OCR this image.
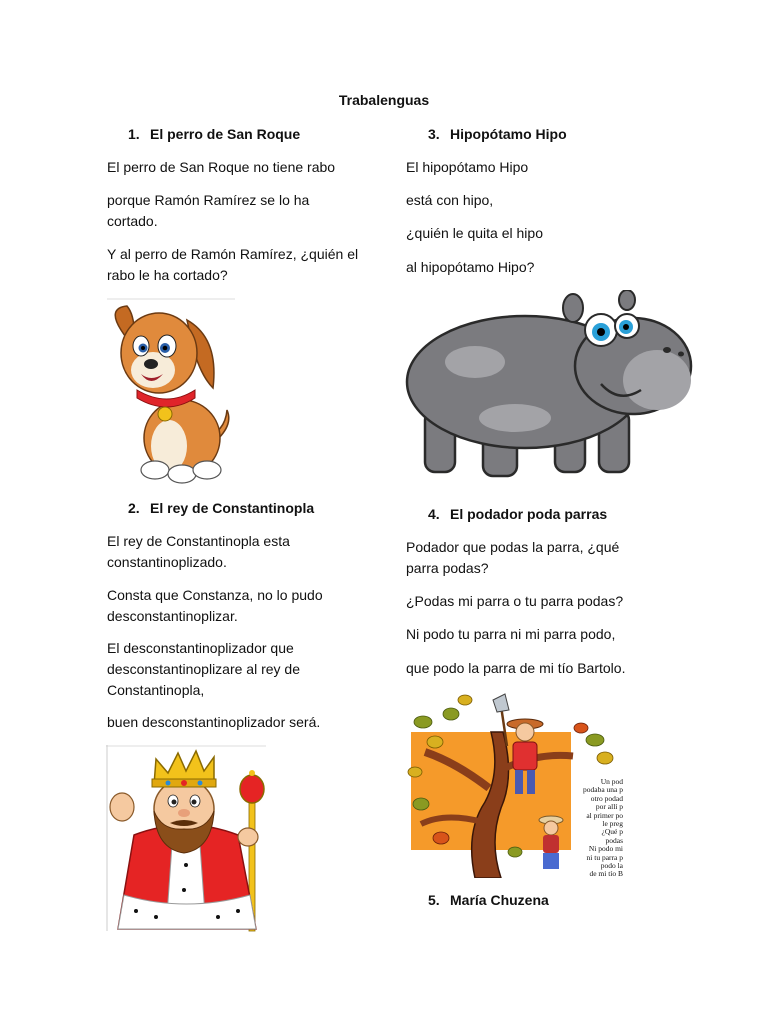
Trabalenguas
1. El perro de San Roque

El perro de San Roque no tiene rabo

porque Ramón Ramírez se lo ha cortado.

Y al perro de Ramón Ramírez, ¿quién el rabo le ha cortado?

2. El rey de Constantinopla

El rey de Constantinopla esta constantinoplizado.

Consta que Constanza, no lo pudo desconstantinoplizar.

El desconstantinoplizador que desconstantinoplizare al rey de Constantinopla,

buen desconstantinoplizador será.

3. Hipopótamo Hipo

El hipopótamo Hipo

está con hipo,

¿quién le quita el hipo

al hipopótamo Hipo?

4. El podador poda parras

Podador que podas la parra, ¿qué parra podas?

¿Podas mi parra o tu parra podas?

Ni podo tu parra ni mi parra podo,

que podo la parra de mi tío Bartolo.

Un pod
podaba una p
otro podad
por allí p
al primer po
le preg
¿Qué p
podas
Ni podo mi
ni tu parra p
podo la
de mi tío B
5. María Chuzena
